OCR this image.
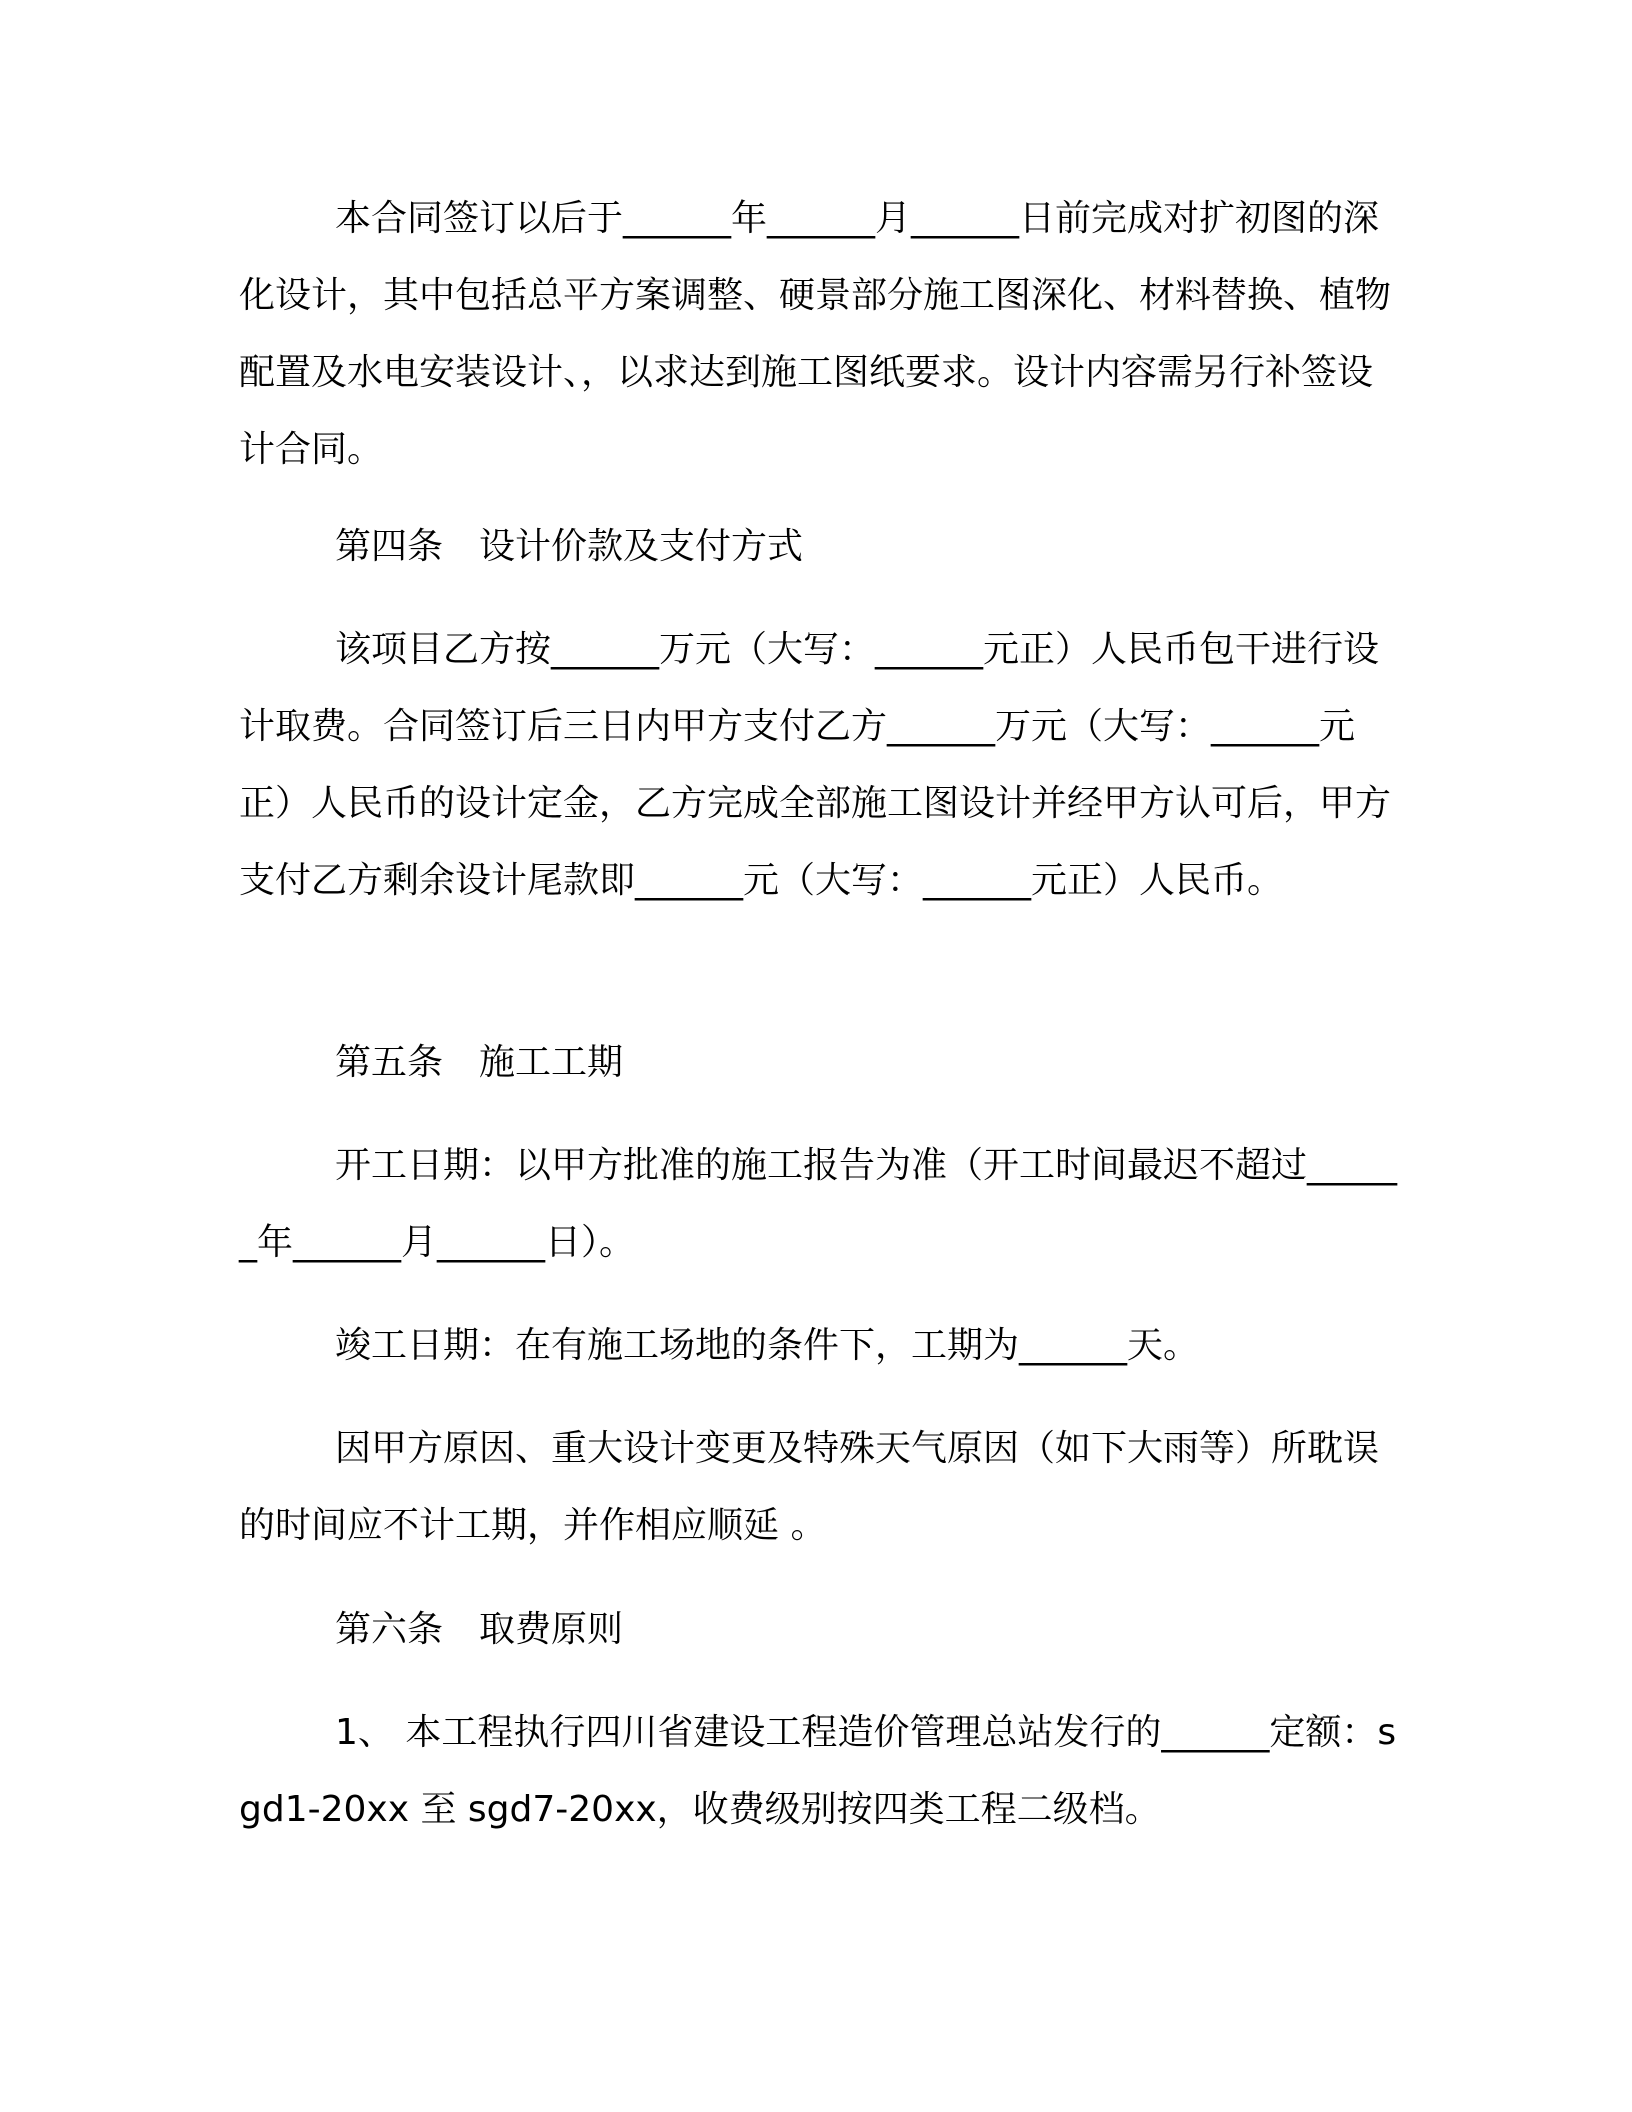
本合同签订以后于______年______月______日前完成对扩初图的深化设计，其中包括总平方案调整、硬景部分施工图深化、材料替换、植物配置及水电安装设计、，以求达到施工图纸要求。设计内容需另行补签设计合同。

第四条　设计价款及支付方式

该项目乙方按______万元（大写：______元正）人民币包干进行设计取费。合同签订后三日内甲方支付乙方______万元（大写：______元正）人民币的设计定金，乙方完成全部施工图设计并经甲方认可后，甲方支付乙方剩余设计尾款即______元（大写：______元正）人民币。

第五条　施工工期

开工日期：以甲方批准的施工报告为准（开工时间最迟不超过______年______月______日）。

竣工日期：在有施工场地的条件下，工期为______天。

因甲方原因、重大设计变更及特殊天气原因（如下大雨等）所耽误的时间应不计工期，并作相应顺延 。

第六条　取费原则

1、 本工程执行四川省建设工程造价管理总站发行的______定额：sgd1-20xx 至 sgd7-20xx，收费级别按四类工程二级档。
